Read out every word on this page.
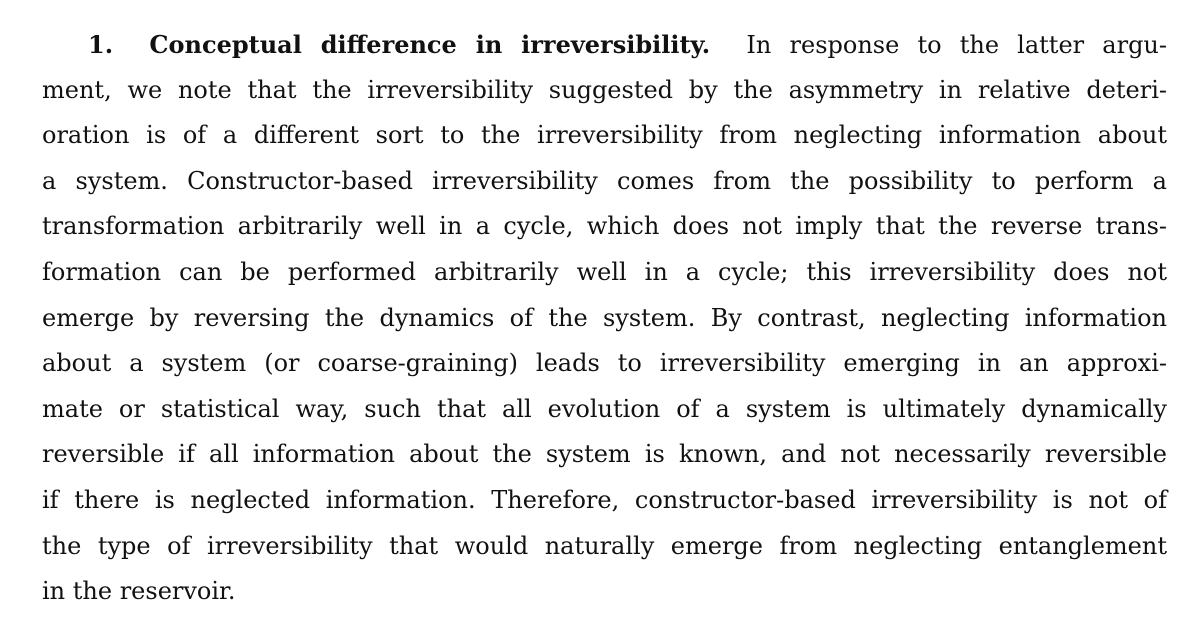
1. Conceptual difference in irreversibility. In response to the latter argu-
ment, we note that the irreversibility suggested by the asymmetry in relative deteri-
oration is of a different sort to the irreversibility from neglecting information about
a system. Constructor-based irreversibility comes from the possibility to perform a
transformation arbitrarily well in a cycle, which does not imply that the reverse trans-
formation can be performed arbitrarily well in a cycle; this irreversibility does not
emerge by reversing the dynamics of the system. By contrast, neglecting information
about a system (or coarse-graining) leads to irreversibility emerging in an approxi-
mate or statistical way, such that all evolution of a system is ultimately dynamically
reversible if all information about the system is known, and not necessarily reversible
if there is neglected information. Therefore, constructor-based irreversibility is not of
the type of irreversibility that would naturally emerge from neglecting entanglement
in the reservoir.
